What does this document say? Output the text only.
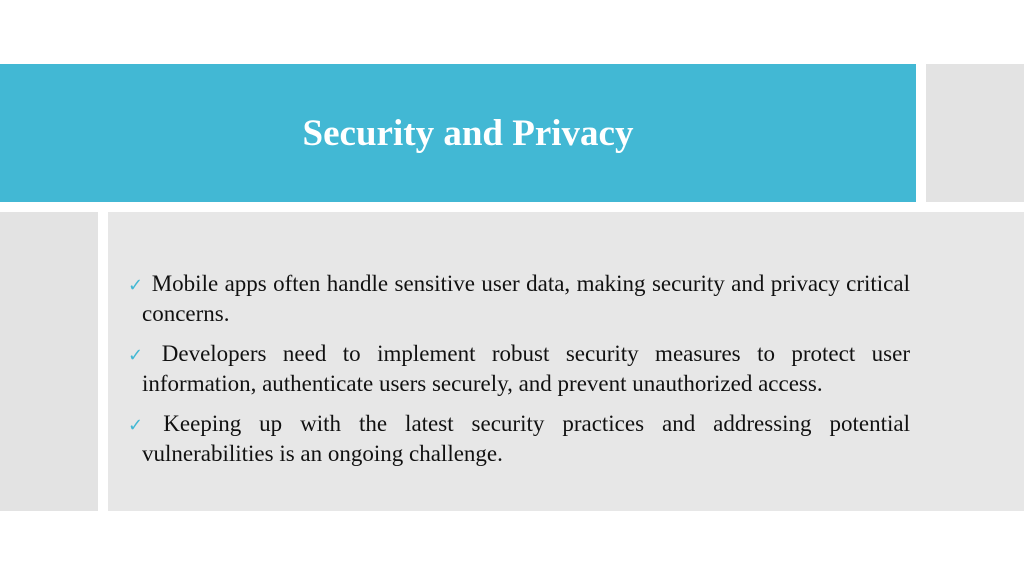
Security and Privacy
✓ Mobile apps often handle sensitive user data, making security and privacy critical concerns.
✓ Developers need to implement robust security measures to protect user information, authenticate users securely, and prevent unauthorized access.
✓ Keeping up with the latest security practices and addressing potential vulnerabilities is an ongoing challenge.
